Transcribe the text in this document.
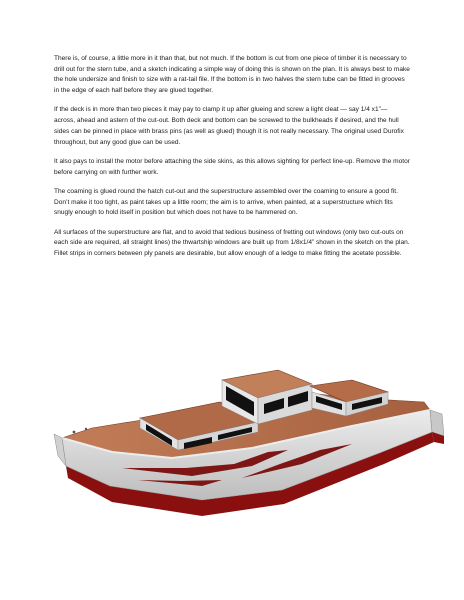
There is, of course, a little more in it than that, but not much. If the bottom is cut from one piece of timber it is necessary to drill out for the stern tube, and a sketch indicating a simple way of doing this is shown on the plan. It is always best to make the hole undersize and finish to size with a rat-tail file. If the bottom is in two halves the stern tube can be fitted in grooves in the edge of each half before they are glued together.

If the deck is in more than two pieces it may pay to clamp it up after glueing and screw a light cleat — say 1/4 x1”— across, ahead and astern of the cut-out. Both deck and bottom can be screwed to the bulkheads if desired, and the hull sides can be pinned in place with brass pins (as well as glued) though it is not really necessary. The original used Durofix throughout, but any good glue can be used.

It also pays to install the motor before attaching the side skins, as this allows sighting for perfect line-up. Remove the motor before carrying on with further work.

The coaming is glued round the hatch cut-out and the superstructure assembled over the coaming to ensure a good fit. Don’t make it too tight, as paint takes up a little room; the aim is to arrive, when painted, at a superstructure which fits snugly enough to hold itself in position but which does not have to be hammered on.

All surfaces of the superstructure are flat, and to avoid that tedious business of fretting out windows (only two cut-outs on each side are required, all straight lines) the thwartship windows are built up from 1/8x1/4” shown in the sketch on the plan. Fillet strips in corners between ply panels are desirable, but allow enough of a ledge to make fitting the acetate possible.
